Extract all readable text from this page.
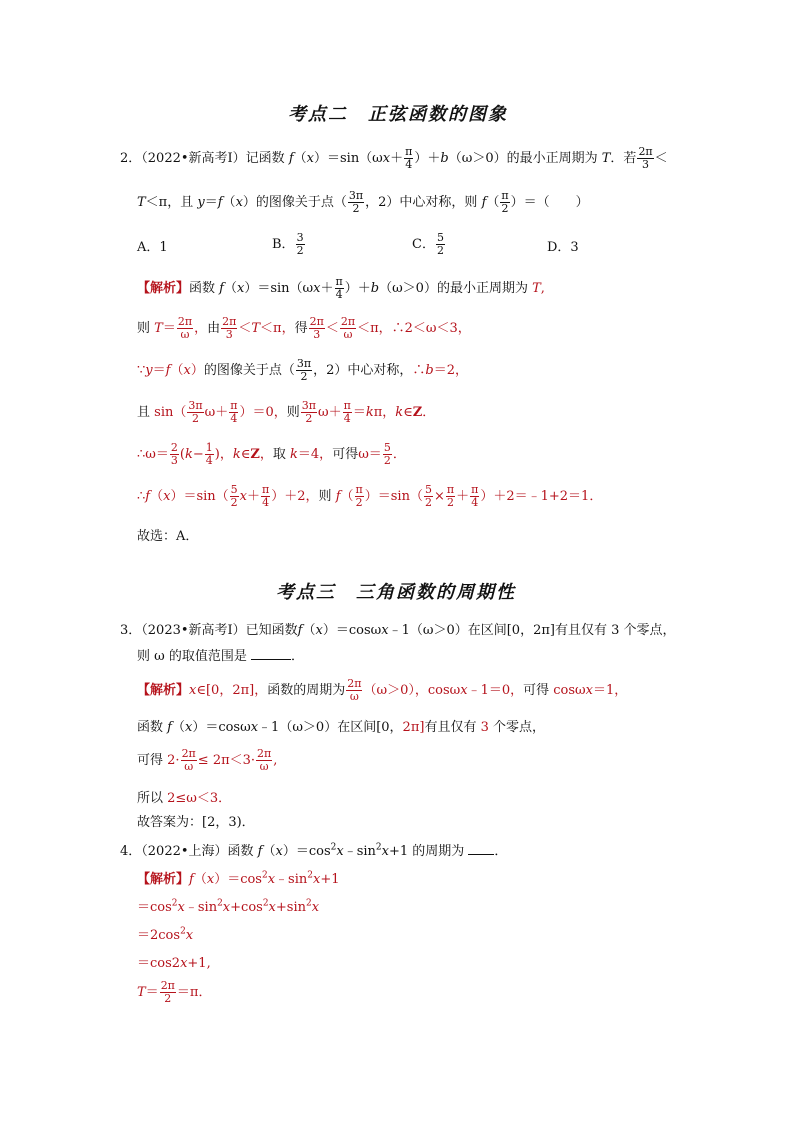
考点二　正弦函数的图象
2．（2022•新高考Ⅰ）记函数 $f(x)=\sin(\omega x+ \frac{\pi}{4} )+b(\omega>0)$的最小正周期为 T．若 $\frac{2\pi}{3}$ ＜
T＜π，且 y＝f（x）的图像关于点（ $\frac{3\pi}{2}$ ，2）中心对称，则 $f( \frac{\pi}{2}$ ）＝（　　）
A．1	B． $\frac{3}{2}$	C． $\frac{5}{2}$	D．3
【解析】函数 $f(x)=\sin(\omega x+ \frac{\pi}{4} )+b(\omega>0)$的最小正周期为 T,
则 $T= \frac{2\pi}{\omega}$ ，由 $\frac{2\pi}{3} <T<\pi$，得 $\frac{2\pi}{3} < \frac{2\pi}{\omega} <\pi$，∴2＜ω＜3，
∵y＝f（x）的图像关于点（ $\frac{3\pi}{2}$ ，2）中心对称，∴b＝2，
且 $\sin( \frac{3\pi}{2} \omega+ \frac{\pi}{4} )=0$，则 $\frac{3\pi}{2} \omega+ \frac{\pi}{4} =k\pi$，k∈Z．
∴ω＝ $\frac{2}{3} (k- \frac{1}{4}$ )，k∈Z，取 k＝4，可得$\omega= \frac{5}{2}$ ．
∴f（x）＝sin（ $\frac{5}{2} x+ \frac{\pi}{4} )+2$，则 $f( \frac{\pi}{2} )=\sin( \frac{5}{2} \times \frac{\pi}{2} + \frac{\pi}{4}$ ）＋2＝﹣1+2＝1．
故选：A．
考点三　三角函数的周期性
3．（2023•新高考Ⅰ）已知函数f（x）＝cosωx﹣1（ω＞0）在区间[0，2π]有且仅有 3 个零点，
则 ω 的取值范围是	．
【解析】x∈[0，2π]，函数的周期为 $\frac{2\pi}{\omega} (\omega>0)$，cosωx﹣1＝0，可得 cosωx＝1，
函数 f（x）＝cosωx﹣1（ω＞0）在区间[0，2π]有且仅有 3 个零点，
可得 $2\cdot \frac{2\pi}{\omega} \le 2\pi<3\cdot \frac{2\pi}{\omega}$ ,
所以 2≤ω＜3．
故答案为：[2，3)．
4．（2022•上海）函数 $f(x)=\cos^2x﹣\sin^2x+1$ 的周期为 ．
【解析】$f(x)=\cos^2x﹣\sin^2x+1$
$=\cos^2x﹣\sin^2x+\cos^2x+\sin^2x$
$=2\cos^2x$
＝cos2x+1,
$T= \frac{2\pi}{2} =\pi$．
